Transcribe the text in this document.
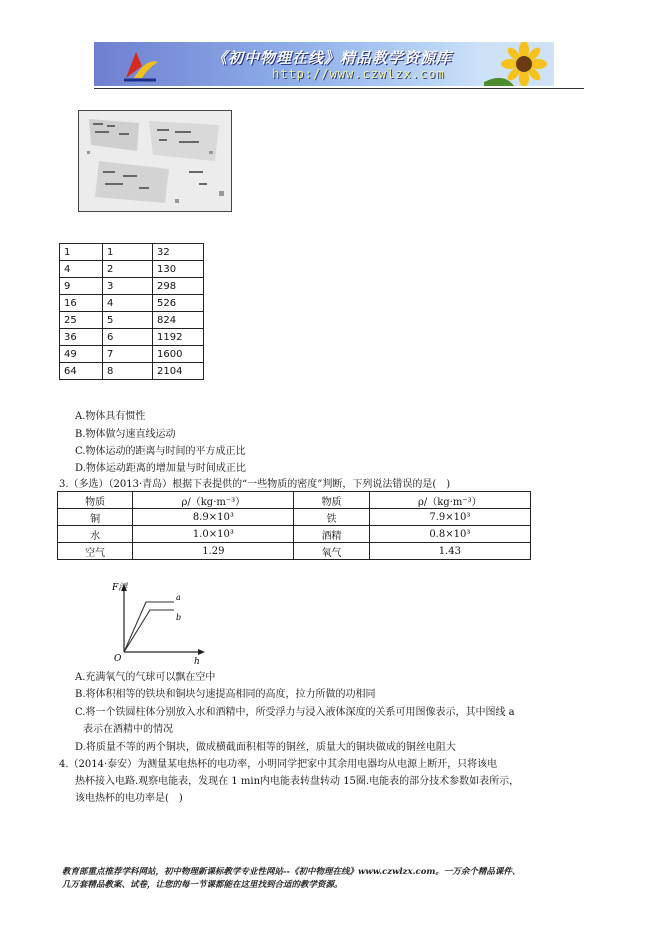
《初中物理在线》精品教学资源库
http://www.czwlzx.com
1	1	32
4	2	130
9	3	298
16	4	526
25	5	824
36	6	1192
49	7	1600
64	8	2104
A.物体具有惯性
B.物体做匀速直线运动
C.物体运动的距离与时间的平方成正比
D.物体运动距离的增加量与时间成正比
3.（多选）（2013·青岛）根据下表提供的“一些物质的密度”判断，下列说法错误的是(　)
物质	ρ/（kg·m⁻³）	物质	ρ/（kg·m⁻³）
铜	8.9×10³	铁	7.9×10³
水	1.0×10³	酒精	0.8×10³
空气	1.29	氧气	1.43
F浮
h
O
a
b
A.充满氧气的气球可以飘在空中
B.将体积相等的铁块和铜块匀速提高相同的高度，拉力所做的功相同
C.将一个铁圆柱体分别放入水和酒精中，所受浮力与浸入液体深度的关系可用图像表示，其中图线 a
表示在酒精中的情况
D.将质量不等的两个铜块，做成横截面积相等的铜丝，质量大的铜块做成的铜丝电阻大
4.（2014·泰安）为测量某电热杯的电功率，小明同学把家中其余用电器均从电源上断开，只将该电
热杯接入电路.观察电能表，发现在 1 min内电能表转盘转动 15圈.电能表的部分技术参数如表所示，
该电热杯的电功率是(　)
教育部重点推荐学科网站，初中物理新课标教学专业性网站--《初中物理在线》www.czwlzx.com。一万余个精品课件、
几万套精品教案、试卷，让您的每一节课都能在这里找到合适的教学资源。
